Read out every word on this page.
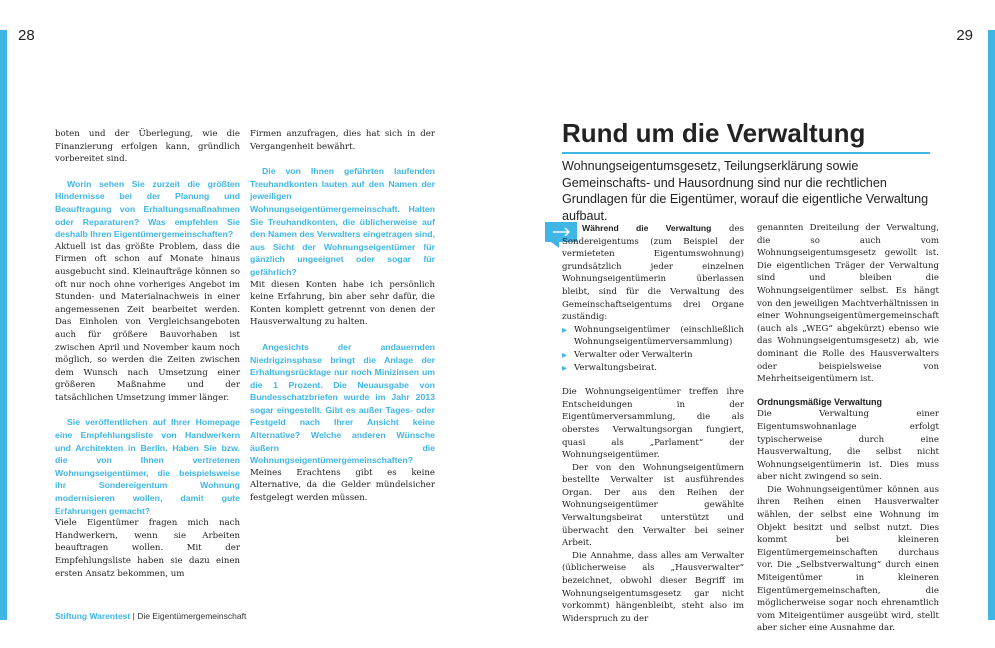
28	29

boten und der Überlegung, wie die Finanzierung erfolgen kann, gründlich vorbereitet sind.

Worin sehen Sie zurzeit die größten Hindernisse bei der Planung und Beauftragung von Erhaltungsmaßnahmen oder Reparaturen? Was empfehlen Sie deshalb Ihren Eigentümergemeinschaften?

Aktuell ist das größte Problem, dass die Firmen oft schon auf Monate hinaus ausgebucht sind. Kleinaufträge können so oft nur noch ohne vorheriges Angebot im Stunden- und Materialnachweis in einer angemessenen Zeit bearbeitet werden. Das Einholen von Vergleichsangeboten auch für größere Bauvorhaben ist zwischen April und November kaum noch möglich, so werden die Zeiten zwischen dem Wunsch nach Umsetzung einer größeren Maßnahme und der tatsächlichen Umsetzung immer länger.

Sie veröffentlichen auf Ihrer Homepage eine Empfehlungsliste von Handwerkern und Architekten in Berlin. Haben Sie bzw. die von Ihnen vertretenen Wohnungseigentümer, die beispielsweise ihr Sondereigentum Wohnung modernisieren wollen, damit gute Erfahrungen gemacht?

Viele Eigentümer fragen mich nach Handwerkern, wenn sie Arbeiten beauftragen wollen. Mit der Empfehlungsliste haben sie dazu einen ersten Ansatz bekommen, um

Firmen anzufragen, dies hat sich in der Vergangenheit bewährt.

Die von Ihnen geführten laufenden Treuhandkonten lauten auf den Namen der jeweiligen Wohnungseigentümergemeinschaft. Halten Sie Treuhandkonten, die üblicherweise auf den Namen des Verwalters eingetragen sind, aus Sicht der Wohnungseigentümer für gänzlich ungeeignet oder sogar für gefährlich?

Mit diesen Konten habe ich persönlich keine Erfahrung, bin aber sehr dafür, die Konten komplett getrennt von denen der Hausverwaltung zu halten.

Angesichts der andauernden Niedrigzinsphase bringt die Anlage der Erhaltungsrücklage nur noch Minizinsen um die 1 Prozent. Die Neuausgabe von Bundesschatzbriefen wurde im Jahr 2013 sogar eingestellt. Gibt es außer Tages- oder Festgeld nach Ihrer Ansicht keine Alternative? Welche anderen Wünsche äußern die Wohnungseigentümergemeinschaften?

Meines Erachtens gibt es keine Alternative, da die Gelder mündelsicher festgelegt werden müssen.

Stiftung Warentest | Die Eigentümergemeinschaft
Rund um die Verwaltung

Wohnungseigentumsgesetz, Teilungserklärung sowie Gemeinschafts- und Hausordnung sind nur die rechtlichen Grundlagen für die Eigentümer, worauf die eigentliche Verwaltung aufbaut.

Während die Verwaltung des Sondereigentums (zum Beispiel der vermieteten Eigentumswohnung) grundsätzlich jeder einzelnen Wohnungseigentümerin überlassen bleibt, sind für die Verwaltung des Gemeinschaftseigentums drei Organe zuständig:

▶ Wohnungseigentümer (einschließlich Wohnungseigentümerversammlung)
▶ Verwalter oder Verwalterin
▶ Verwaltungsbeirat.

Die Wohnungseigentümer treffen ihre Entscheidungen in der Eigentümerversammlung, die als oberstes Verwaltungsorgan fungiert, quasi als „Parlament“ der Wohnungseigentümer.

Der von den Wohnungseigentümern bestellte Verwalter ist ausführendes Organ. Der aus den Reihen der Wohnungseigentümer gewählte Verwaltungsbeirat unterstützt und überwacht den Verwalter bei seiner Arbeit.

Die Annahme, dass alles am Verwalter (üblicherweise als „Hausverwalter“ bezeichnet, obwohl dieser Begriff im Wohnungseigentumsgesetz gar nicht vorkommt) hängenbleibt, steht also im Widerspruch zu der

genannten Dreiteilung der Verwaltung, die so auch vom Wohnungseigentumsgesetz gewollt ist. Die eigentlichen Träger der Verwaltung sind und bleiben die Wohnungseigentümer selbst. Es hängt von den jeweiligen Machtverhältnissen in einer Wohnungseigentümergemeinschaft (auch als „WEG“ abgekürzt) ebenso wie das Wohnungseigentumsgesetz) ab, wie dominant die Rolle des Hausverwalters oder beispielsweise von Mehrheitseigentümern ist.

Ordnungsmäßige Verwaltung

Die Verwaltung einer Eigentumswohnanlage erfolgt typischerweise durch eine Hausverwaltung, die selbst nicht Wohnungseigentümerin ist. Dies muss aber nicht zwingend so sein.

Die Wohnungseigentümer können aus ihren Reihen einen Hausverwalter wählen, der selbst eine Wohnung im Objekt besitzt und selbst nutzt. Dies kommt bei kleineren Eigentümergemeinschaften durchaus vor. Die „Selbstverwaltung“ durch einen Miteigentümer in kleineren Eigentümergemeinschaften, die möglicherweise sogar noch ehrenamtlich vom Miteigentümer ausgeübt wird, stellt aber sicher eine Ausnahme dar.
